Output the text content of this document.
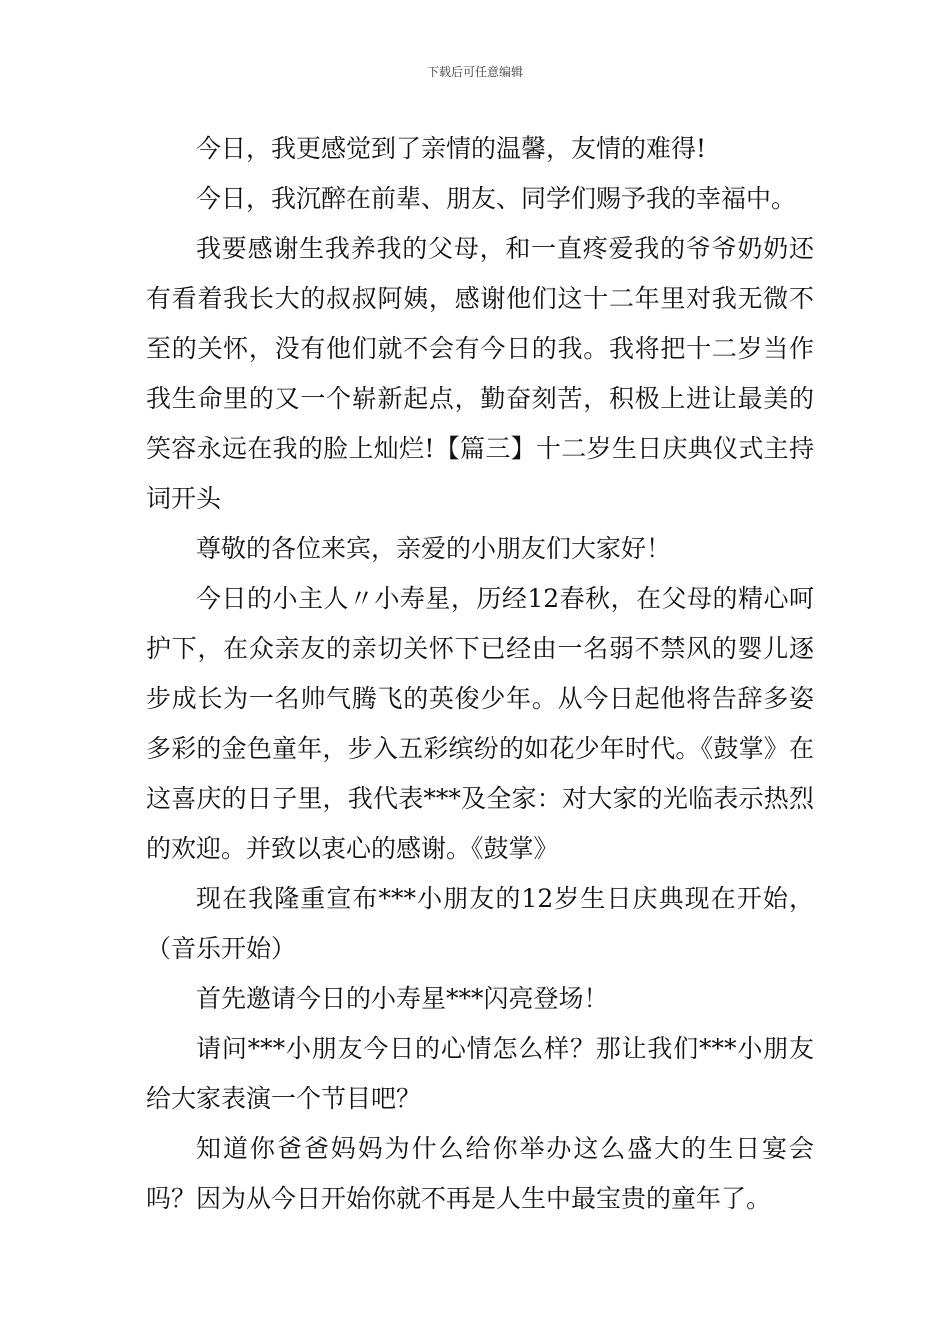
下载后可任意编辑

今日，我更感觉到了亲情的温馨，友情的难得!

今日，我沉醉在前辈、朋友、同学们赐予我的幸福中。

我要感谢生我养我的父母，和一直疼爱我的爷爷奶奶还有看着我长大的叔叔阿姨，感谢他们这十二年里对我无微不至的关怀，没有他们就不会有今日的我。我将把十二岁当作我生命里的又一个崭新起点，勤奋刻苦，积极上进让最美的笑容永远在我的脸上灿烂!【篇三】十二岁生日庆典仪式主持词开头

尊敬的各位来宾，亲爱的小朋友们大家好！

今日的小主人〃小寿星，历经12春秋，在父母的精心呵护下，在众亲友的亲切关怀下已经由一名弱不禁风的婴儿逐步成长为一名帅气腾飞的英俊少年。从今日起他将告辞多姿多彩的金色童年，步入五彩缤纷的如花少年时代。《鼓掌》在这喜庆的日子里，我代表***及全家：对大家的光临表示热烈的欢迎。并致以衷心的感谢。《鼓掌》

现在我隆重宣布***小朋友的12岁生日庆典现在开始，（音乐开始）

首先邀请今日的小寿星***闪亮登场！

请问***小朋友今日的心情怎么样？那让我们***小朋友给大家表演一个节目吧？

知道你爸爸妈妈为什么给你举办这么盛大的生日宴会吗？因为从今日开始你就不再是人生中最宝贵的童年了。
